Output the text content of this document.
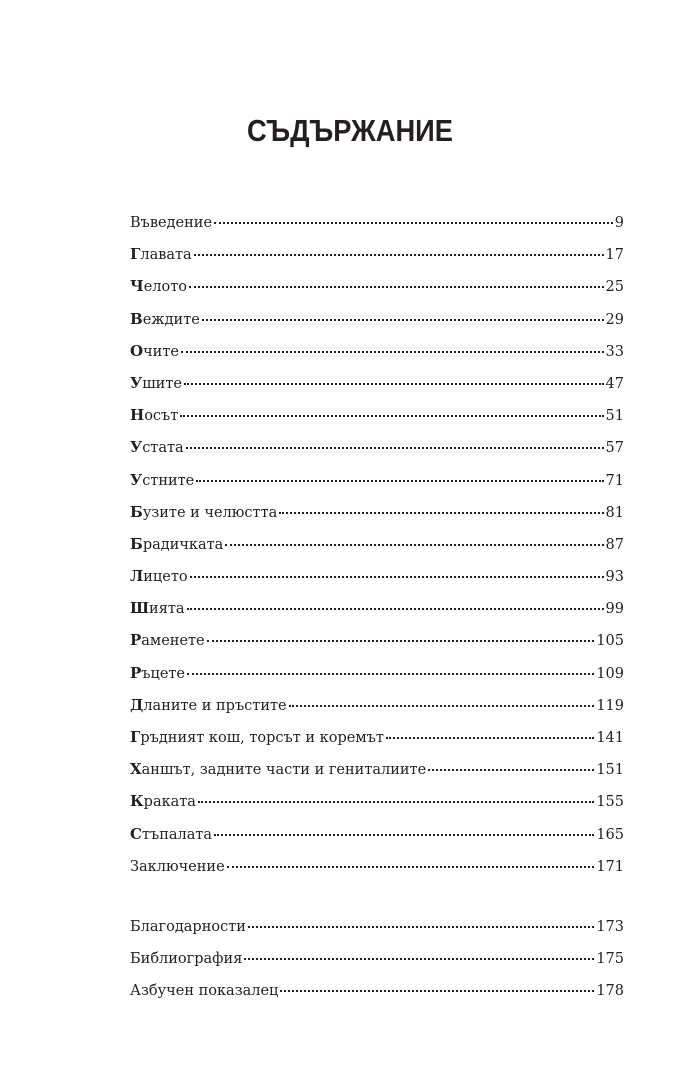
СЪДЪРЖАНИЕ
Въведение	9
Главата	17
Челото	25
Веждите	29
Очите	33
Ушите	47
Носът	51
Устата	57
Устните	71
Бузите и челюстта	81
Брадичката	87
Лицето	93
Шията	99
Раменете	105
Ръцете	109
Дланите и пръстите	119
Гръдният кош, торсът и коремът	141
Ханшът, задните части и гениталиите	151
Краката	155
Стъпалата	165
Заключение	171
Благодарности	173
Библиография	175
Азбучен показалец	178
